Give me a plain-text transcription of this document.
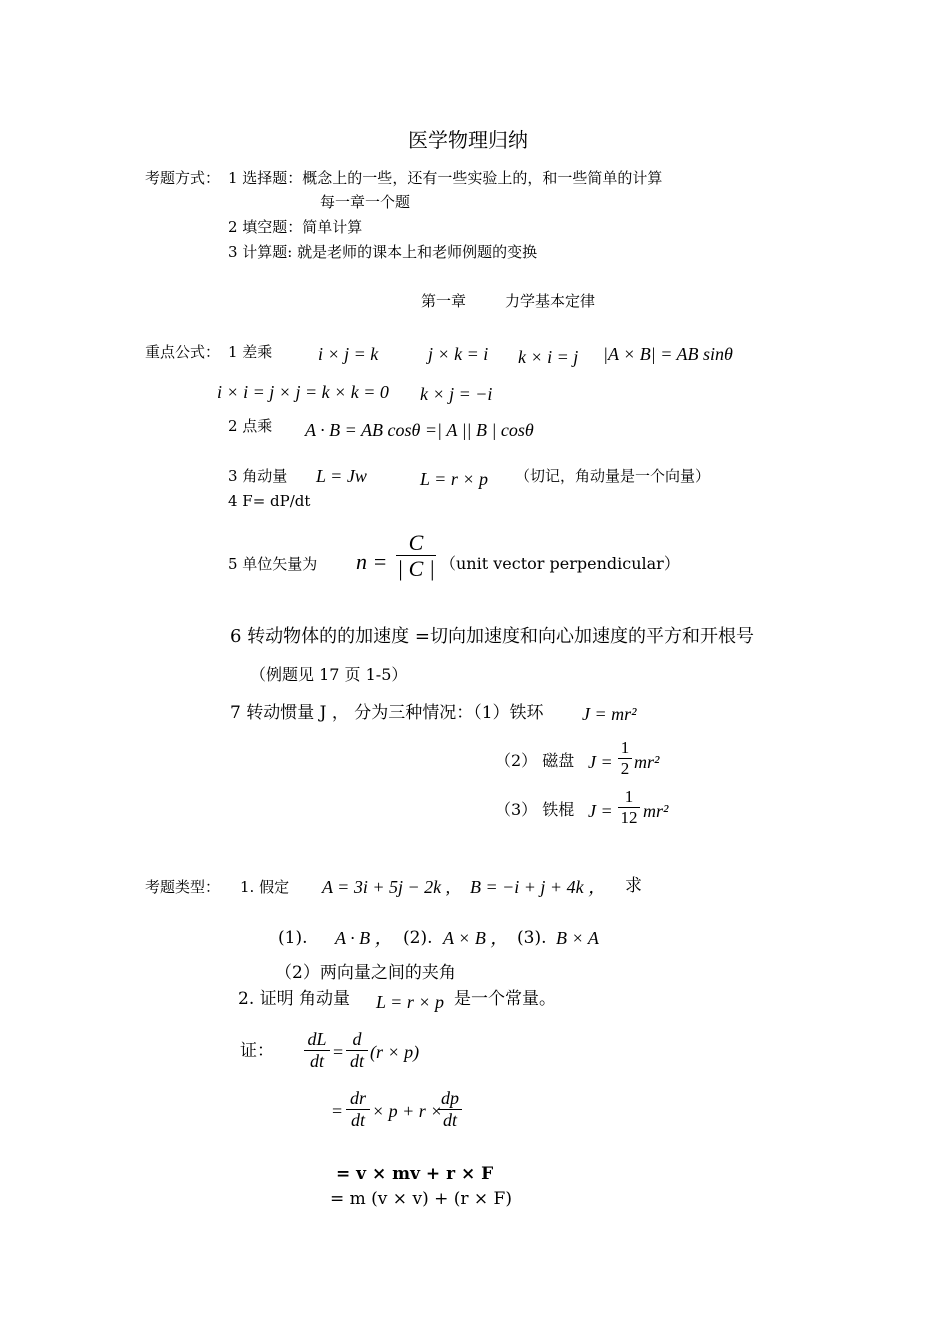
医学物理归纳
考题方式： 1 选择题：概念上的一些，还有一些实验上的，和一些简单的计算
每一章一个题
2 填空题：简单计算
3 计算题: 就是老师的课本上和老师例题的变换
第一章	力学基本定律
重点公式： 1 差乘	i × j = k	j × k = i k × i = j |A × B| = AB sinθ
i × i = j × j = k × k = 0 k × j = −i
2 点乘 A · B = AB cosθ =| A || B | cosθ
3 角动量 L = Jw	L = r × p （切记，角动量是一个向量）
4 F= dP/dt
5 单位矢量为 n =
C
| C | （unit vector perpendicular）
6 转动物体的的加速度 =切向加速度和向心加速度的平方和开根号
（例题见 17 页 1-5）
7 转动惯量 J ， 分为三种情况：（1）铁环 J = mr²
（2） 磁盘 J =
1
2 mr²
（3） 铁棍 J =
1
12 mr²
考题类型： 1. 假定 A = 3i + 5j − 2k , B = −i + j + 4k ， 求
(1). A · B ， (2). A × B ， (3). B × A
（2）两向量之间的夹角
2. 证明 角动量 L = r × p 是一个常量。
证：
dL
dt =
d
dt (r × p)
=
dr
dt × p + r ×
dp
dt
= v × mv + r × F
= m (v × v) + (r × F)
